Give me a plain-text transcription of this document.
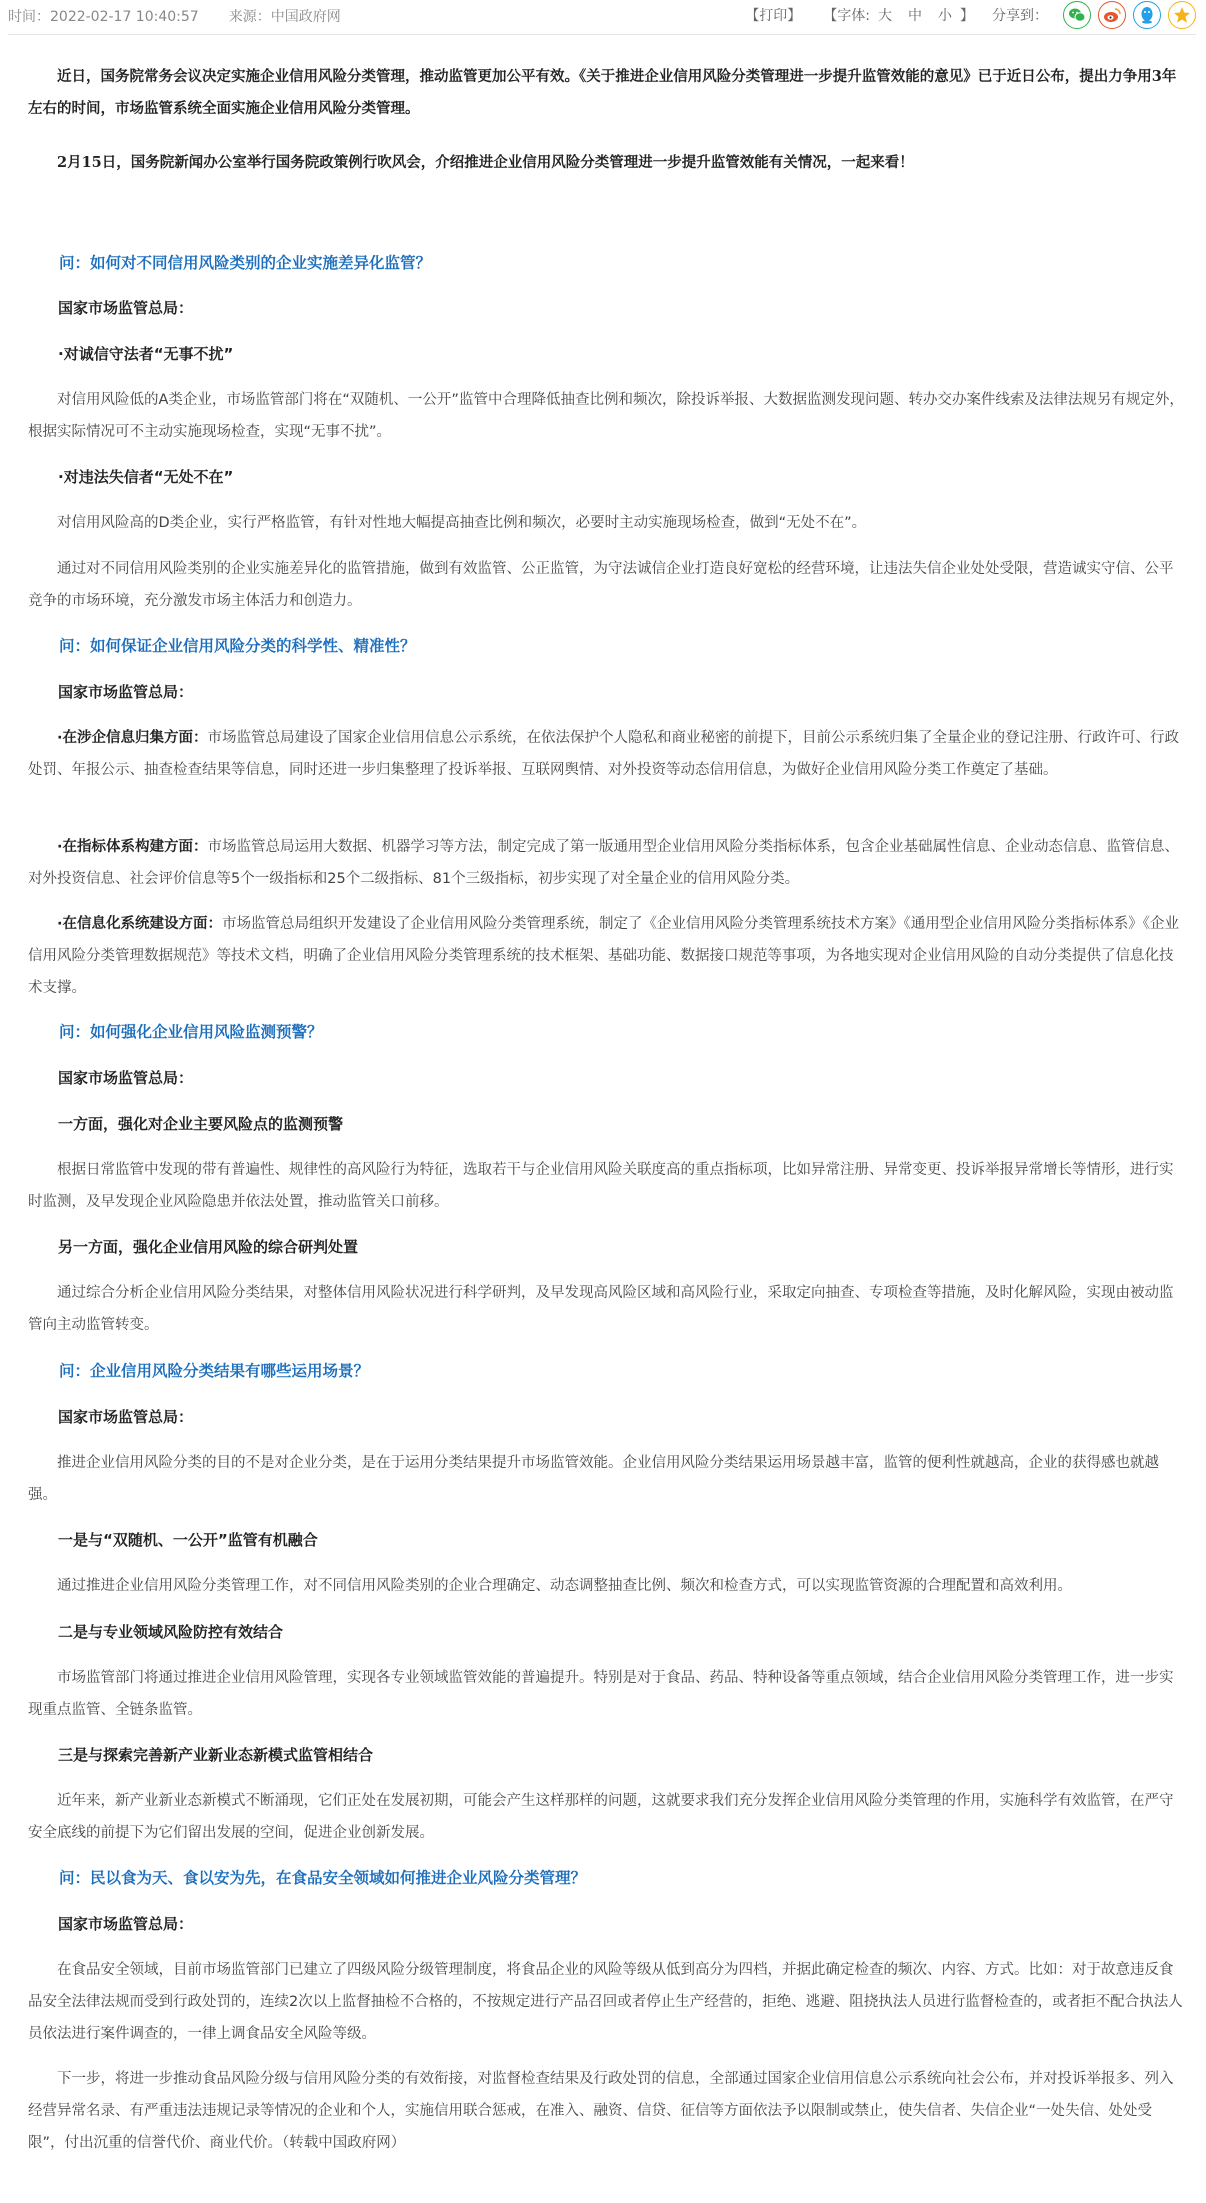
时间：2022-02-17 10:40:57 来源：中国政府网	【打印】 【字体: 大 中 小 】 分享到：

近日，国务院常务会议决定实施企业信用风险分类管理，推动监管更加公平有效。《关于推进企业信用风险分类管理进一步提升监管效能的意见》已于近日公布，提出力争用3年左右的时间，市场监管系统全面实施企业信用风险分类管理。

2月15日，国务院新闻办公室举行国务院政策例行吹风会，介绍推进企业信用风险分类管理进一步提升监管效能有关情况，一起来看！

问：如何对不同信用风险类别的企业实施差异化监管？

国家市场监管总局：

·对诚信守法者“无事不扰”

对信用风险低的A类企业，市场监管部门将在“双随机、一公开”监管中合理降低抽查比例和频次，除投诉举报、大数据监测发现问题、转办交办案件线索及法律法规另有规定外，根据实际情况可不主动实施现场检查，实现“无事不扰”。

·对违法失信者“无处不在”

对信用风险高的D类企业，实行严格监管，有针对性地大幅提高抽查比例和频次，必要时主动实施现场检查，做到“无处不在”。

通过对不同信用风险类别的企业实施差异化的监管措施，做到有效监管、公正监管，为守法诚信企业打造良好宽松的经营环境，让违法失信企业处处受限，营造诚实守信、公平竞争的市场环境，充分激发市场主体活力和创造力。

问：如何保证企业信用风险分类的科学性、精准性？

国家市场监管总局：

·在涉企信息归集方面：市场监管总局建设了国家企业信用信息公示系统，在依法保护个人隐私和商业秘密的前提下，目前公示系统归集了全量企业的登记注册、行政许可、行政处罚、年报公示、抽查检查结果等信息，同时还进一步归集整理了投诉举报、互联网舆情、对外投资等动态信用信息，为做好企业信用风险分类工作奠定了基础。

·在指标体系构建方面：市场监管总局运用大数据、机器学习等方法，制定完成了第一版通用型企业信用风险分类指标体系，包含企业基础属性信息、企业动态信息、监管信息、对外投资信息、社会评价信息等5个一级指标和25个二级指标、81个三级指标，初步实现了对全量企业的信用风险分类。

·在信息化系统建设方面：市场监管总局组织开发建设了企业信用风险分类管理系统，制定了《企业信用风险分类管理系统技术方案》《通用型企业信用风险分类指标体系》《企业信用风险分类管理数据规范》等技术文档，明确了企业信用风险分类管理系统的技术框架、基础功能、数据接口规范等事项，为各地实现对企业信用风险的自动分类提供了信息化技术支撑。

问：如何强化企业信用风险监测预警？

国家市场监管总局：

一方面，强化对企业主要风险点的监测预警

根据日常监管中发现的带有普遍性、规律性的高风险行为特征，选取若干与企业信用风险关联度高的重点指标项，比如异常注册、异常变更、投诉举报异常增长等情形，进行实时监测，及早发现企业风险隐患并依法处置，推动监管关口前移。

另一方面，强化企业信用风险的综合研判处置

通过综合分析企业信用风险分类结果，对整体信用风险状况进行科学研判，及早发现高风险区域和高风险行业，采取定向抽查、专项检查等措施，及时化解风险，实现由被动监管向主动监管转变。

问：企业信用风险分类结果有哪些运用场景？

国家市场监管总局：

推进企业信用风险分类的目的不是对企业分类，是在于运用分类结果提升市场监管效能。企业信用风险分类结果运用场景越丰富，监管的便利性就越高，企业的获得感也就越强。

一是与“双随机、一公开”监管有机融合

通过推进企业信用风险分类管理工作，对不同信用风险类别的企业合理确定、动态调整抽查比例、频次和检查方式，可以实现监管资源的合理配置和高效利用。

二是与专业领域风险防控有效结合

市场监管部门将通过推进企业信用风险管理，实现各专业领域监管效能的普遍提升。特别是对于食品、药品、特种设备等重点领域，结合企业信用风险分类管理工作，进一步实现重点监管、全链条监管。

三是与探索完善新产业新业态新模式监管相结合

近年来，新产业新业态新模式不断涌现，它们正处在发展初期，可能会产生这样那样的问题，这就要求我们充分发挥企业信用风险分类管理的作用，实施科学有效监管，在严守安全底线的前提下为它们留出发展的空间，促进企业创新发展。

问：民以食为天、食以安为先，在食品安全领域如何推进企业风险分类管理？

国家市场监管总局：

在食品安全领域，目前市场监管部门已建立了四级风险分级管理制度，将食品企业的风险等级从低到高分为四档，并据此确定检查的频次、内容、方式。比如：对于故意违反食品安全法律法规而受到行政处罚的，连续2次以上监督抽检不合格的，不按规定进行产品召回或者停止生产经营的，拒绝、逃避、阻挠执法人员进行监督检查的，或者拒不配合执法人员依法进行案件调查的，一律上调食品安全风险等级。

下一步，将进一步推动食品风险分级与信用风险分类的有效衔接，对监督检查结果及行政处罚的信息，全部通过国家企业信用信息公示系统向社会公布，并对投诉举报多、列入经营异常名录、有严重违法违规记录等情况的企业和个人，实施信用联合惩戒，在准入、融资、信贷、征信等方面依法予以限制或禁止，使失信者、失信企业“一处失信、处处受限”，付出沉重的信誉代价、商业代价。（转载中国政府网）
